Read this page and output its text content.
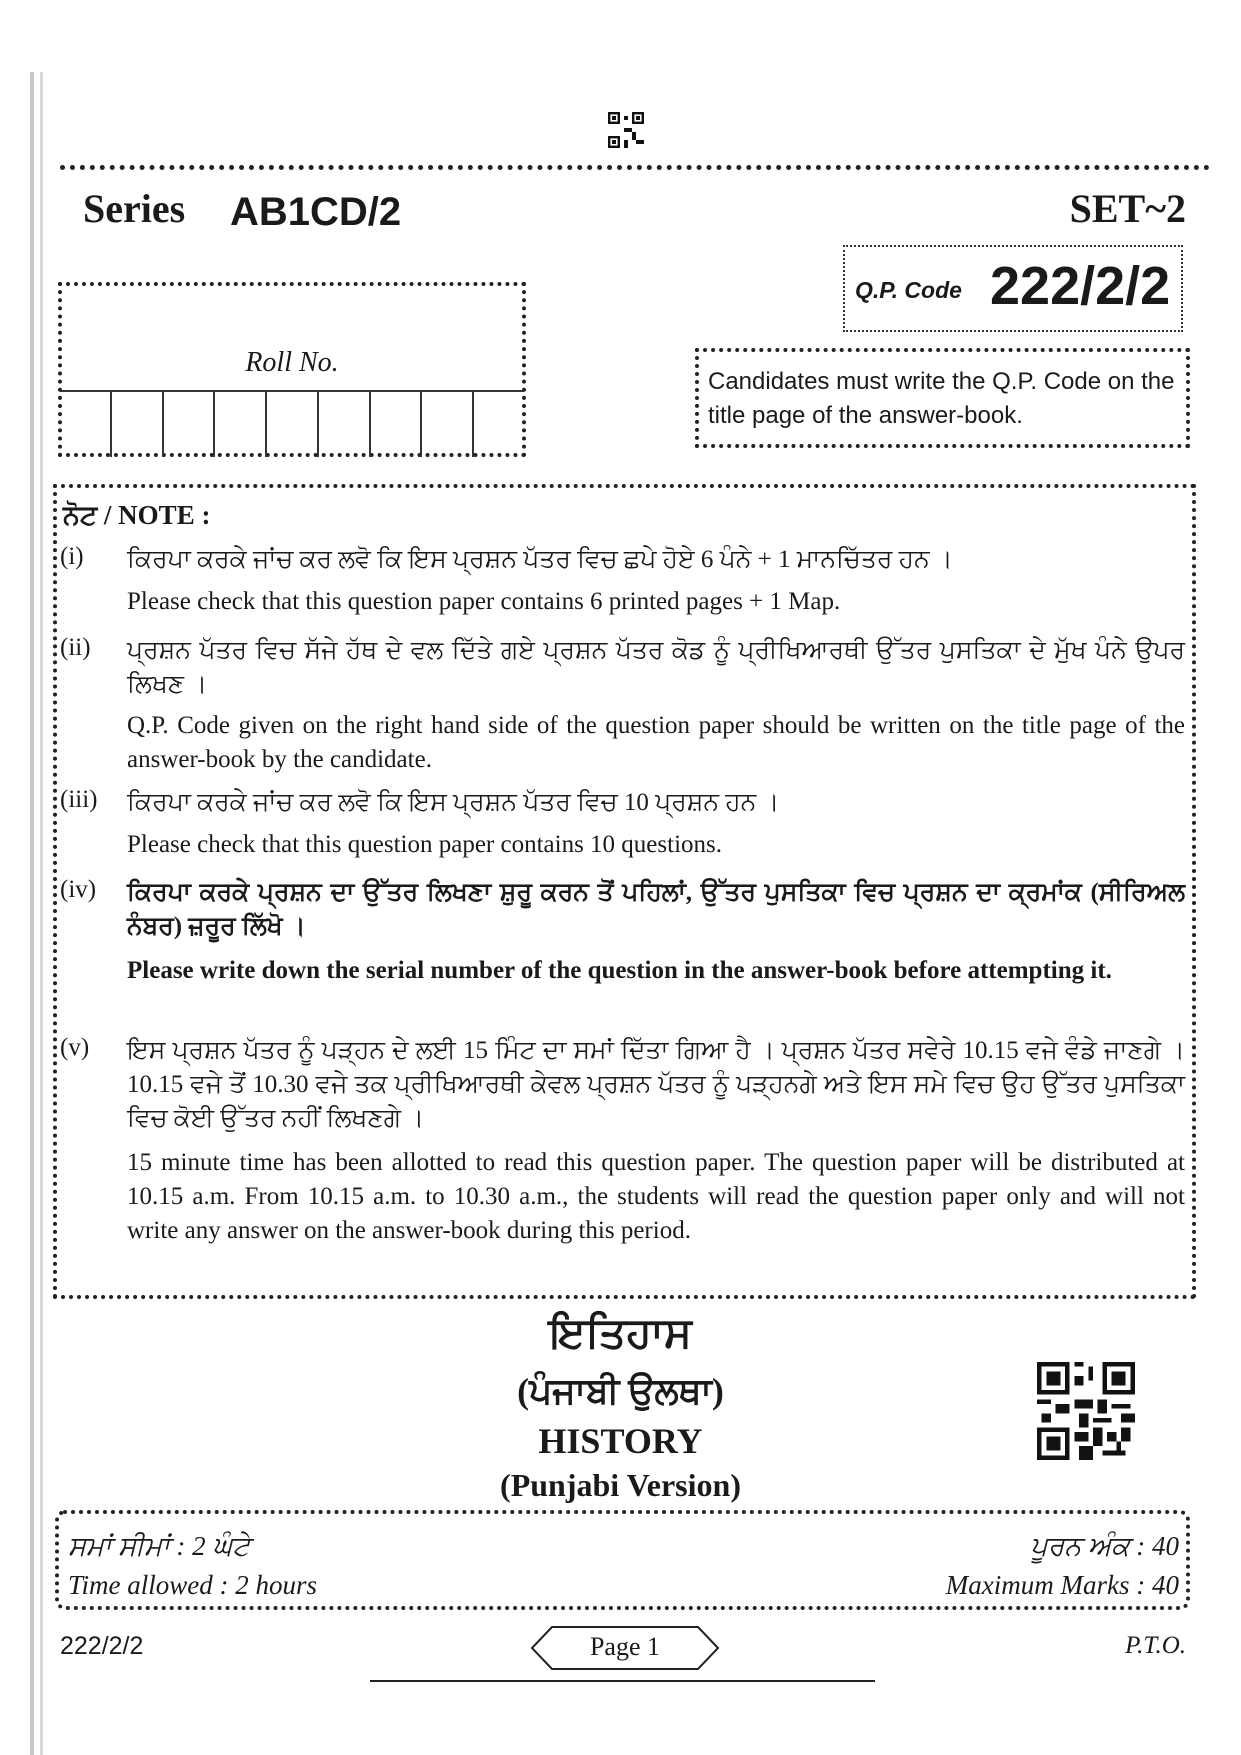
Series AB1CD/2	SET~2
Q.P. Code 222/2/2
Roll No.
Candidates must write the Q.P. Code on the title page of the answer-book.
ਨੋਟ / NOTE :
(i) ਕਿਰਪਾ ਕਰਕੇ ਜਾਂਚ ਕਰ ਲਵੋ ਕਿ ਇਸ ਪ੍ਰਸ਼ਨ ਪੱਤਰ ਵਿਚ ਛਪੇ ਹੋਏ 6 ਪੰਨੇ + 1 ਮਾਨਚਿੱਤਰ ਹਨ ।
Please check that this question paper contains 6 printed pages + 1 Map.
(ii) ਪ੍ਰਸ਼ਨ ਪੱਤਰ ਵਿਚ ਸੱਜੇ ਹੱਥ ਦੇ ਵਲ ਦਿੱਤੇ ਗਏ ਪ੍ਰਸ਼ਨ ਪੱਤਰ ਕੋਡ ਨੂੰ ਪ੍ਰੀਖਿਆਰਥੀ ਉੱਤਰ ਪੁਸਤਿਕਾ ਦੇ ਮੁੱਖ ਪੰਨੇ ਉਪਰ ਲਿਖਣ ।
Q.P. Code given on the right hand side of the question paper should be written on the title page of the answer-book by the candidate.
(iii) ਕਿਰਪਾ ਕਰਕੇ ਜਾਂਚ ਕਰ ਲਵੋ ਕਿ ਇਸ ਪ੍ਰਸ਼ਨ ਪੱਤਰ ਵਿਚ 10 ਪ੍ਰਸ਼ਨ ਹਨ ।
Please check that this question paper contains 10 questions.
(iv) ਕਿਰਪਾ ਕਰਕੇ ਪ੍ਰਸ਼ਨ ਦਾ ਉੱਤਰ ਲਿਖਣਾ ਸ਼ੁਰੂ ਕਰਨ ਤੋਂ ਪਹਿਲਾਂ, ਉੱਤਰ ਪੁਸਤਿਕਾ ਵਿਚ ਪ੍ਰਸ਼ਨ ਦਾ ਕ੍ਰਮਾਂਕ (ਸੀਰਿਅਲ ਨੰਬਰ) ਜ਼ਰੂਰ ਲਿੱਖੋ ।
Please write down the serial number of the question in the answer-book before attempting it.
(v) ਇਸ ਪ੍ਰਸ਼ਨ ਪੱਤਰ ਨੂੰ ਪੜ੍ਹਨ ਦੇ ਲਈ 15 ਮਿੰਟ ਦਾ ਸਮਾਂ ਦਿੱਤਾ ਗਿਆ ਹੈ । ਪ੍ਰਸ਼ਨ ਪੱਤਰ ਸਵੇਰੇ 10.15 ਵਜੇ ਵੰਡੇ ਜਾਣਗੇ । 10.15 ਵਜੇ ਤੋਂ 10.30 ਵਜੇ ਤਕ ਪ੍ਰੀਖਿਆਰਥੀ ਕੇਵਲ ਪ੍ਰਸ਼ਨ ਪੱਤਰ ਨੂੰ ਪੜ੍ਹਨਗੇ ਅਤੇ ਇਸ ਸਮੇ ਵਿਚ ਉਹ ਉੱਤਰ ਪੁਸਤਿਕਾ ਵਿਚ ਕੋਈ ਉੱਤਰ ਨਹੀਂ ਲਿਖਣਗੇ ।
15 minute time has been allotted to read this question paper. The question paper will be distributed at 10.15 a.m. From 10.15 a.m. to 10.30 a.m., the students will read the question paper only and will not write any answer on the answer-book during this period.
ਇਤਿਹਾਸ
(ਪੰਜਾਬੀ ਉਲਥਾ)
HISTORY
(Punjabi Version)
ਸਮਾਂ ਸੀਮਾਂ : 2 ਘੰਟੇ	ਪੂਰਨ ਅੰਕ : 40
Time allowed : 2 hours	Maximum Marks : 40
222/2/2	Page 1	P.T.O.
